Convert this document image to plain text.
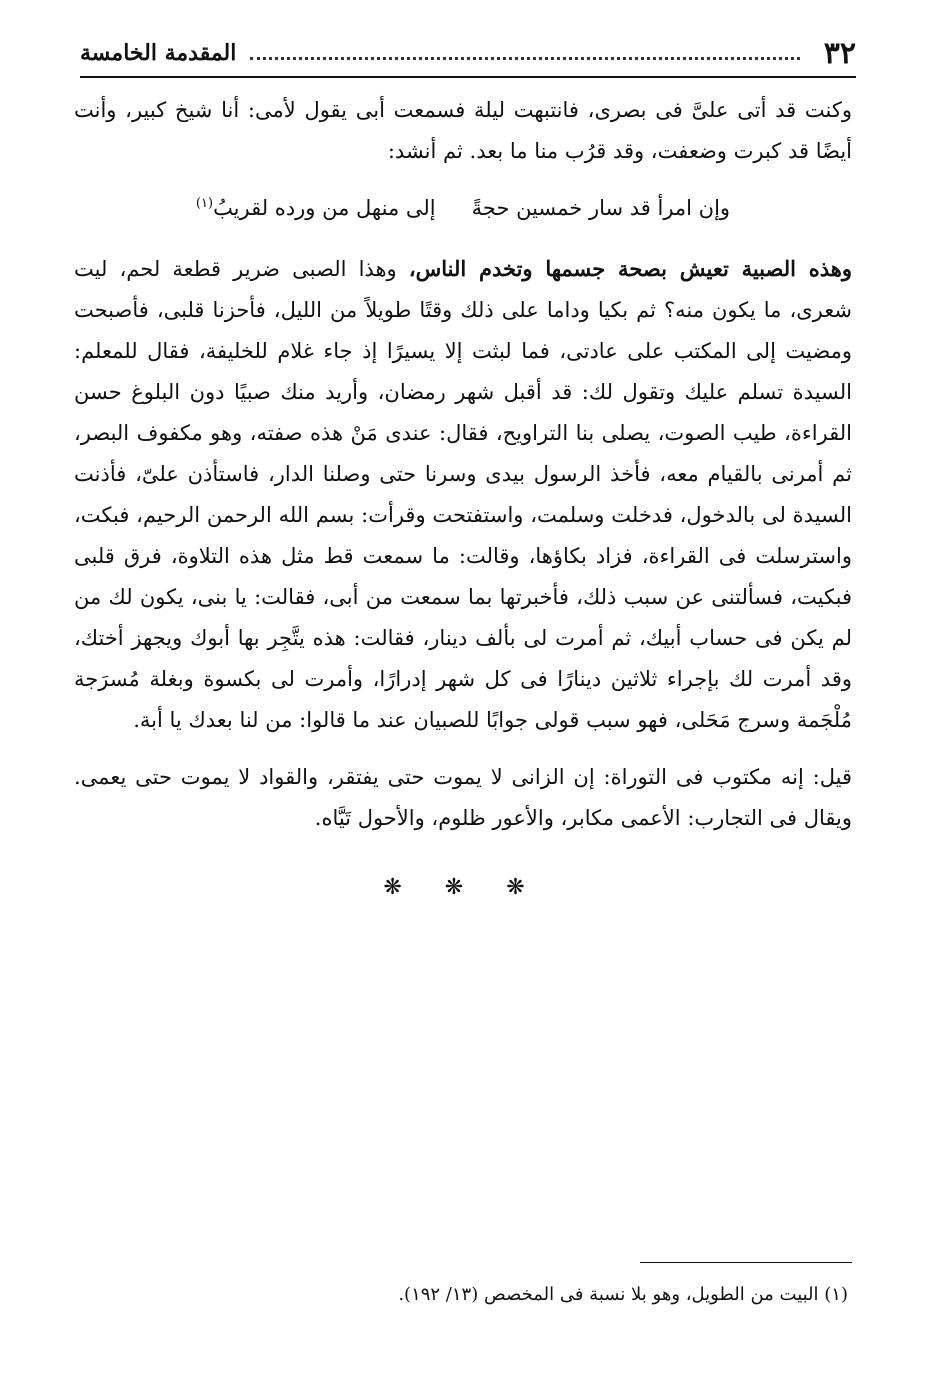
٣٢
المقدمة الخامسة

وكنت قد أتى علىَّ فى بصرى، فانتبهت ليلة فسمعت أبى يقول لأمى: أنا شيخ كبير، وأنت أيضًا قد كبرت وضعفت، وقد قرُب منا ما بعد. ثم أنشد:

وإن امرأ قد سار خمسين حجةً
إلى منهل من ورده لقريبُ$^{(١)}$

وهذه الصبية تعيش بصحة جسمها وتخدم الناس، وهذا الصبى ضرير قطعة لحم، ليت شعرى، ما يكون منه؟ ثم بكيا وداما على ذلك وقتًا طويلاً من الليل، فأحزنا قلبى، فأصبحت ومضيت إلى المكتب على عادتى، فما لبثت إلا يسيرًا إذ جاء غلام للخليفة، فقال للمعلم: السيدة تسلم عليك وتقول لك: قد أقبل شهر رمضان، وأريد منك صبيًا دون البلوغ حسن القراءة، طيب الصوت، يصلى بنا التراويح، فقال: عندى مَنْ هذه صفته، وهو مكفوف البصر، ثم أمرنى بالقيام معه، فأخذ الرسول بيدى وسرنا حتى وصلنا الدار، فاستأذن علىّ، فأذنت السيدة لى بالدخول، فدخلت وسلمت، واستفتحت وقرأت: بسم الله الرحمن الرحيم، فبكت، واسترسلت فى القراءة، فزاد بكاؤها، وقالت: ما سمعت قط مثل هذه التلاوة، فرق قلبى فبكيت، فسألتنى عن سبب ذلك، فأخبرتها بما سمعت من أبى، فقالت: يا بنى، يكون لك من لم يكن فى حساب أبيك، ثم أمرت لى بألف دينار، فقالت: هذه يتَّجِر بها أبوك ويجهز أختك، وقد أمرت لك بإجراء ثلاثين دينارًا فى كل شهر إدرارًا، وأمرت لى بكسوة وبغلة مُسرَجة مُلْجَمة وسرج مَحَلى، فهو سبب قولى جوابًا للصبيان عند ما قالوا: من لنا بعدك يا أبة.

قيل: إنه مكتوب فى التوراة: إن الزانى لا يموت حتى يفتقر، والقواد لا يموت حتى يعمى. ويقال فى التجارب: الأعمى مكابر، والأعور ظلوم، والأحول تَيَّاه.

❋ ❋ ❋
(١) البيت من الطويل، وهو بلا نسبة فى المخصص (١٣/ ١٩٢).
